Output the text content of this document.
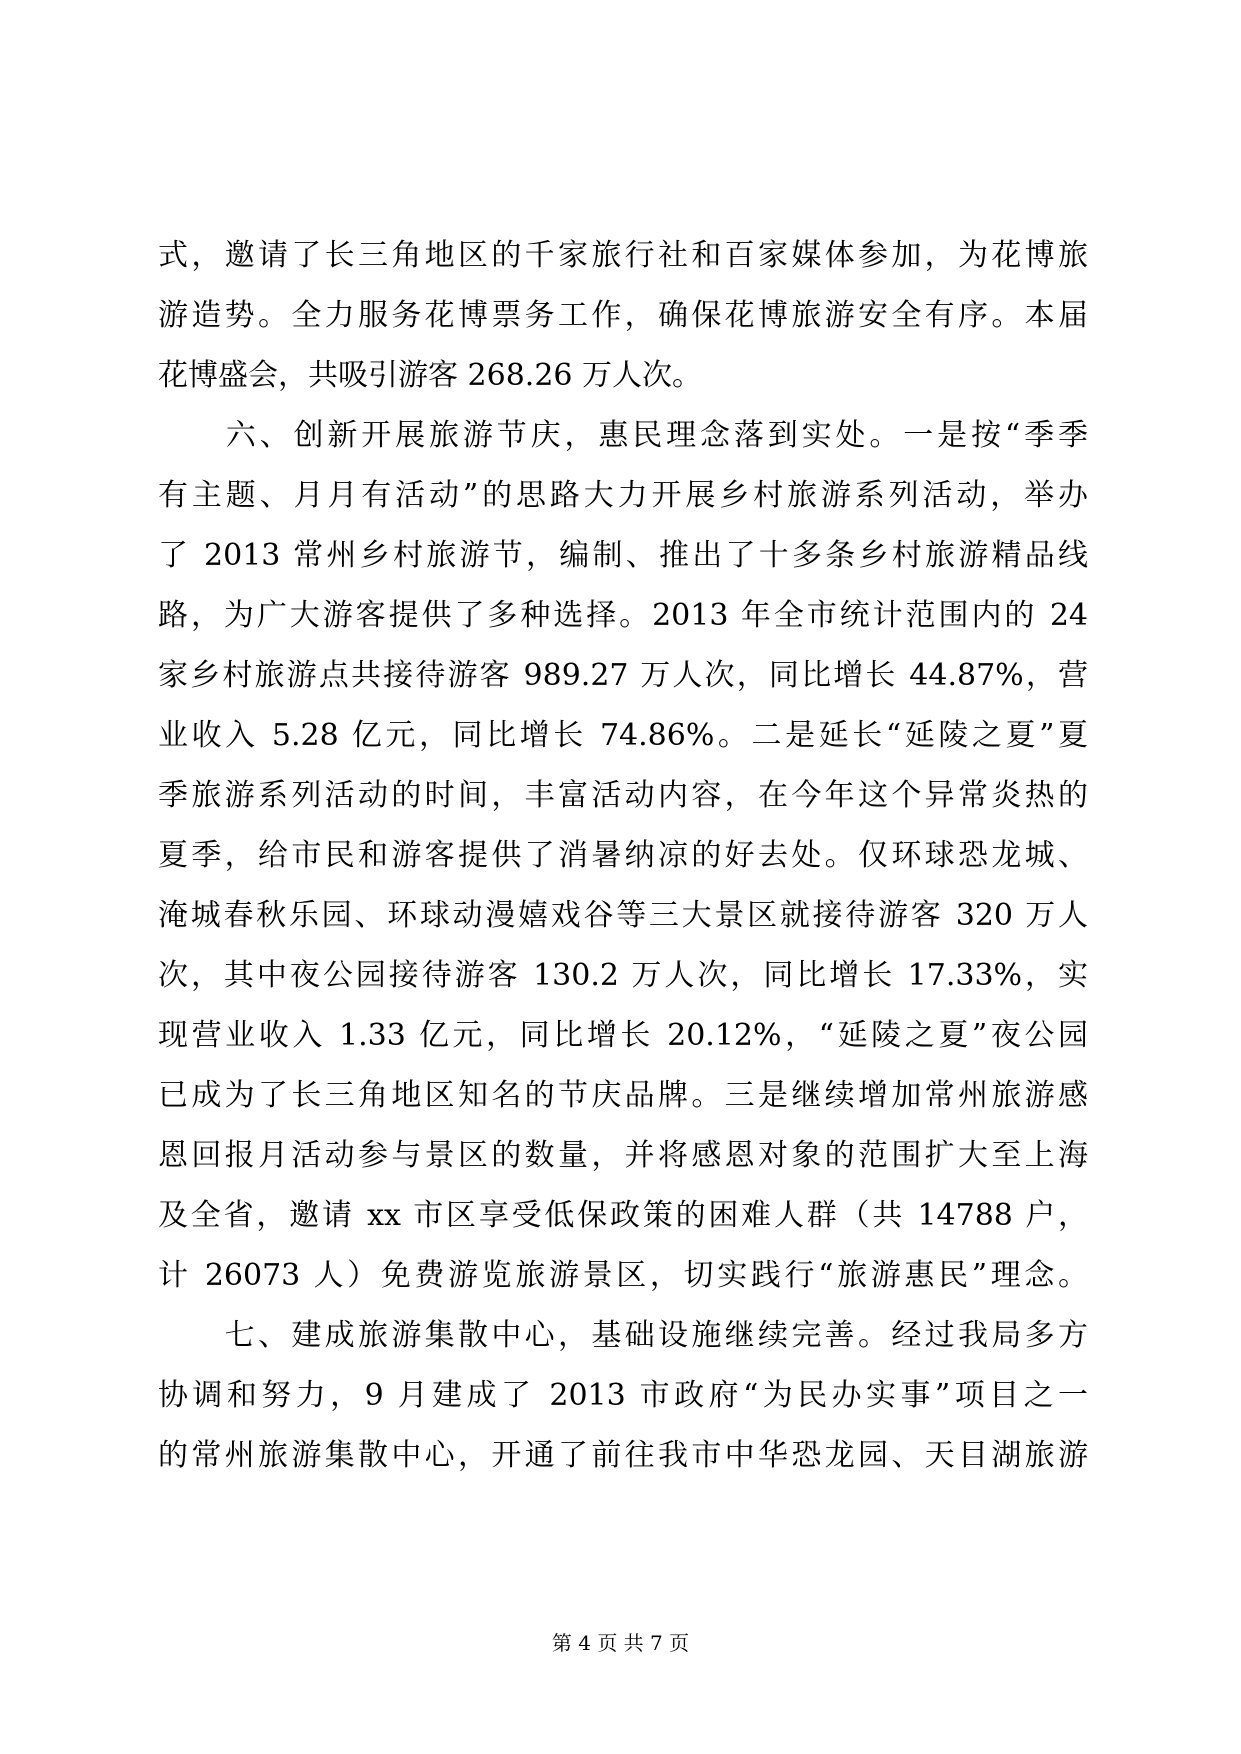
式，邀请了长三角地区的千家旅行社和百家媒体参加，为花博旅
游造势。全力服务花博票务工作，确保花博旅游安全有序。本届
花博盛会，共吸引游客 268.26 万人次。
　　六、创新开展旅游节庆，惠民理念落到实处。一是按“季季
有主题、月月有活动”的思路大力开展乡村旅游系列活动，举办
了 2013 常州乡村旅游节，编制、推出了十多条乡村旅游精品线
路，为广大游客提供了多种选择。2013 年全市统计范围内的 24
家乡村旅游点共接待游客 989.27 万人次，同比增长 44.87%，营
业收入 5.28 亿元，同比增长 74.86%。二是延长“延陵之夏”夏
季旅游系列活动的时间，丰富活动内容，在今年这个异常炎热的
夏季，给市民和游客提供了消暑纳凉的好去处。仅环球恐龙城、
淹城春秋乐园、环球动漫嬉戏谷等三大景区就接待游客 320 万人
次，其中夜公园接待游客 130.2 万人次，同比增长 17.33%，实
现营业收入 1.33 亿元，同比增长 20.12%，“延陵之夏”夜公园
已成为了长三角地区知名的节庆品牌。三是继续增加常州旅游感
恩回报月活动参与景区的数量，并将感恩对象的范围扩大至上海
及全省，邀请 xx 市区享受低保政策的困难人群（共 14788 户，
计 26073 人）免费游览旅游景区，切实践行“旅游惠民”理念。
　　七、建成旅游集散中心，基础设施继续完善。经过我局多方
协调和努力，9 月建成了 2013 市政府“为民办实事”项目之一
的常州旅游集散中心，开通了前往我市中华恐龙园、天目湖旅游
第 4 页 共 7 页
